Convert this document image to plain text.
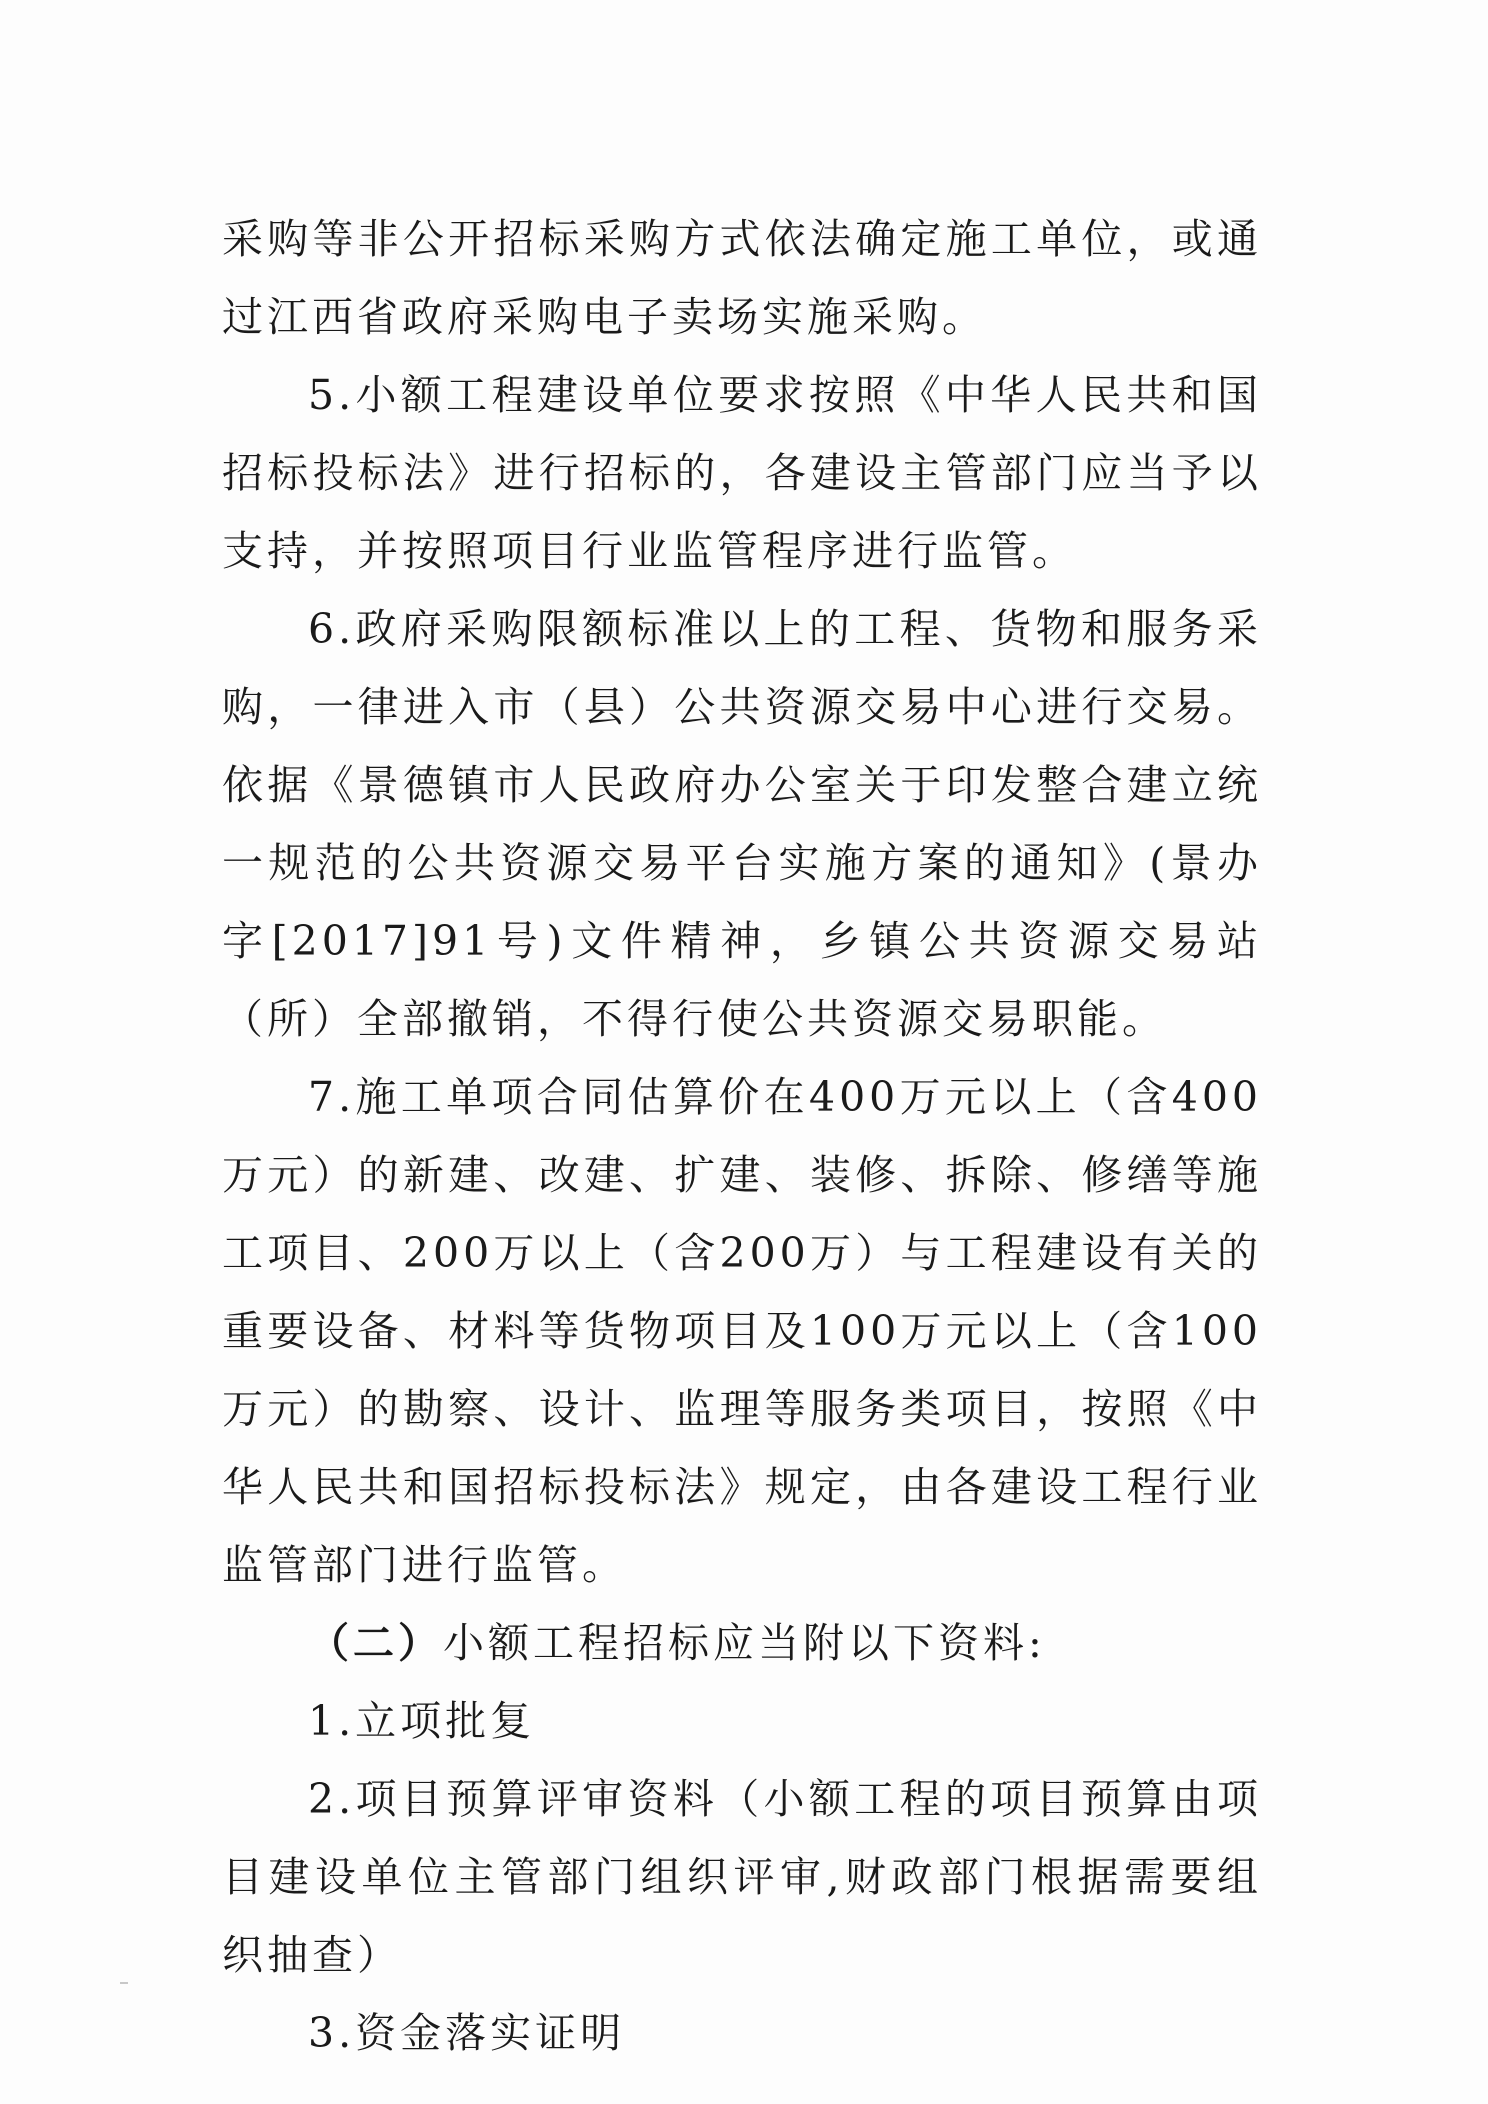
采购等非公开招标采购方式依法确定施工单位，或通过江西省政府采购电子卖场实施采购。

5.小额工程建设单位要求按照《中华人民共和国招标投标法》进行招标的，各建设主管部门应当予以支持，并按照项目行业监管程序进行监管。

6.政府采购限额标准以上的工程、货物和服务采购，一律进入市（县）公共资源交易中心进行交易。依据《景德镇市人民政府办公室关于印发整合建立统一规范的公共资源交易平台实施方案的通知》(景办字[2017]91号)文件精神，乡镇公共资源交易站（所）全部撤销，不得行使公共资源交易职能。

7.施工单项合同估算价在400万元以上（含400万元）的新建、改建、扩建、装修、拆除、修缮等施工项目、200万以上（含200万）与工程建设有关的重要设备、材料等货物项目及100万元以上（含100万元）的勘察、设计、监理等服务类项目，按照《中华人民共和国招标投标法》规定，由各建设工程行业监管部门进行监管。

（二）小额工程招标应当附以下资料:

1.立项批复

2.项目预算评审资料（小额工程的项目预算由项目建设单位主管部门组织评审,财政部门根据需要组织抽查）

3.资金落实证明
